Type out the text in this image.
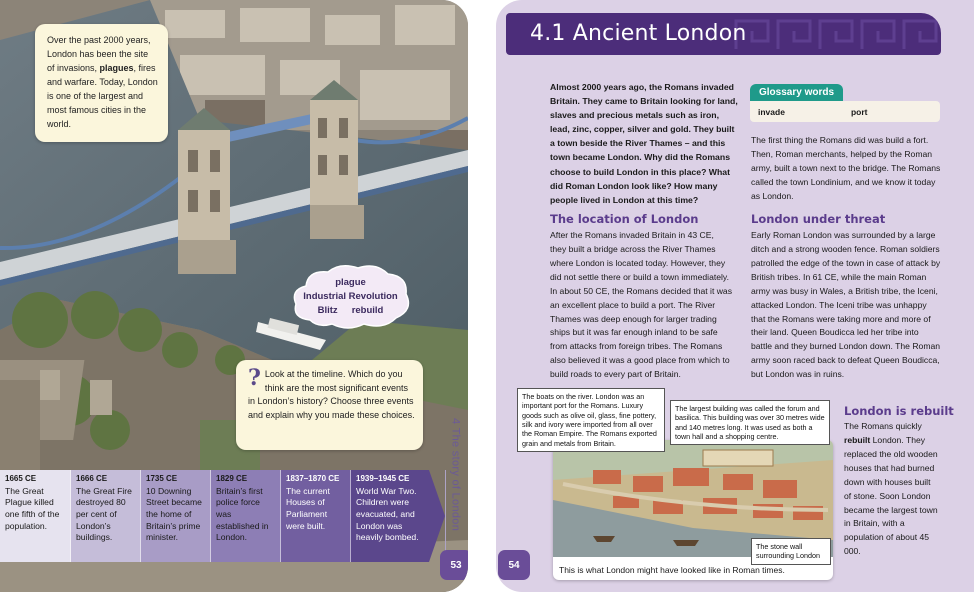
Over the past 2000 years, London has been the site of invasions, plagues, fires and warfare. Today, London is one of the largest and most famous cities in the world.
plague
Industrial Revolution
Blitz rebuild
? Look at the timeline. Which do you think are the most significant events in London’s history? Choose three events and explain why you made these choices.
1665 CE
The Great Plague killed one fifth of the population.
1666 CE
The Great Fire destroyed 80 per cent of London’s buildings.
1735 CE
10 Downing Street became the home of Britain’s prime minister.
1829 CE
Britain’s first police force was established in London.
1837–1870 CE
The current Houses of Parliament were built.
1939–1945 CE
World War Two. Children were evacuated, and London was heavily bombed.
4 The story of London
53
4.1 Ancient London
Almost 2000 years ago, the Romans invaded Britain. They came to Britain looking for land, slaves and precious metals such as iron, lead, zinc, copper, silver and gold. They built a town beside the River Thames – and this town became London. Why did the Romans choose to build London in this place? What did Roman London look like? How many people lived in London at this time?
Glossary words
invade	port
The first thing the Romans did was build a fort. Then, Roman merchants, helped by the Roman army, built a town next to the bridge. The Romans called the town Londinium, and we know it today as London.
The location of London
After the Romans invaded Britain in 43 CE, they built a bridge across the River Thames where London is located today. However, they did not settle there or build a town immediately. In about 50 CE, the Romans decided that it was an excellent place to build a port. The River Thames was deep enough for larger trading ships but it was far enough inland to be safe from attacks from foreign tribes. The Romans also believed it was a good place from which to build roads to every part of Britain.
London under threat
Early Roman London was surrounded by a large ditch and a strong wooden fence. Roman soldiers patrolled the edge of the town in case of attack by British tribes. In 61 CE, while the main Roman army was busy in Wales, a British tribe, the Iceni, attacked London. The Iceni tribe was unhappy that the Romans were taking more and more of their land. Queen Boudicca led her tribe into battle and they burned London down. The Roman army soon raced back to defeat Queen Boudicca, but London was in ruins.
London is rebuilt
The Romans quickly rebuilt London. They replaced the old wooden houses that had burned down with houses built of stone. Soon London became the largest town in Britain, with a population of about 45 000.
54	This is what London might have looked like in Roman times.
The boats on the river. London was an important port for the Romans. Luxury goods such as olive oil, glass, fine pottery, silk and ivory were imported from all over the Roman Empire. The Romans exported grain and metals from Britain.
The largest building was called the forum and basilica. This building was over 30 metres wide and 140 metres long. It was used as both a town hall and a shopping centre.
The stone wall surrounding London
